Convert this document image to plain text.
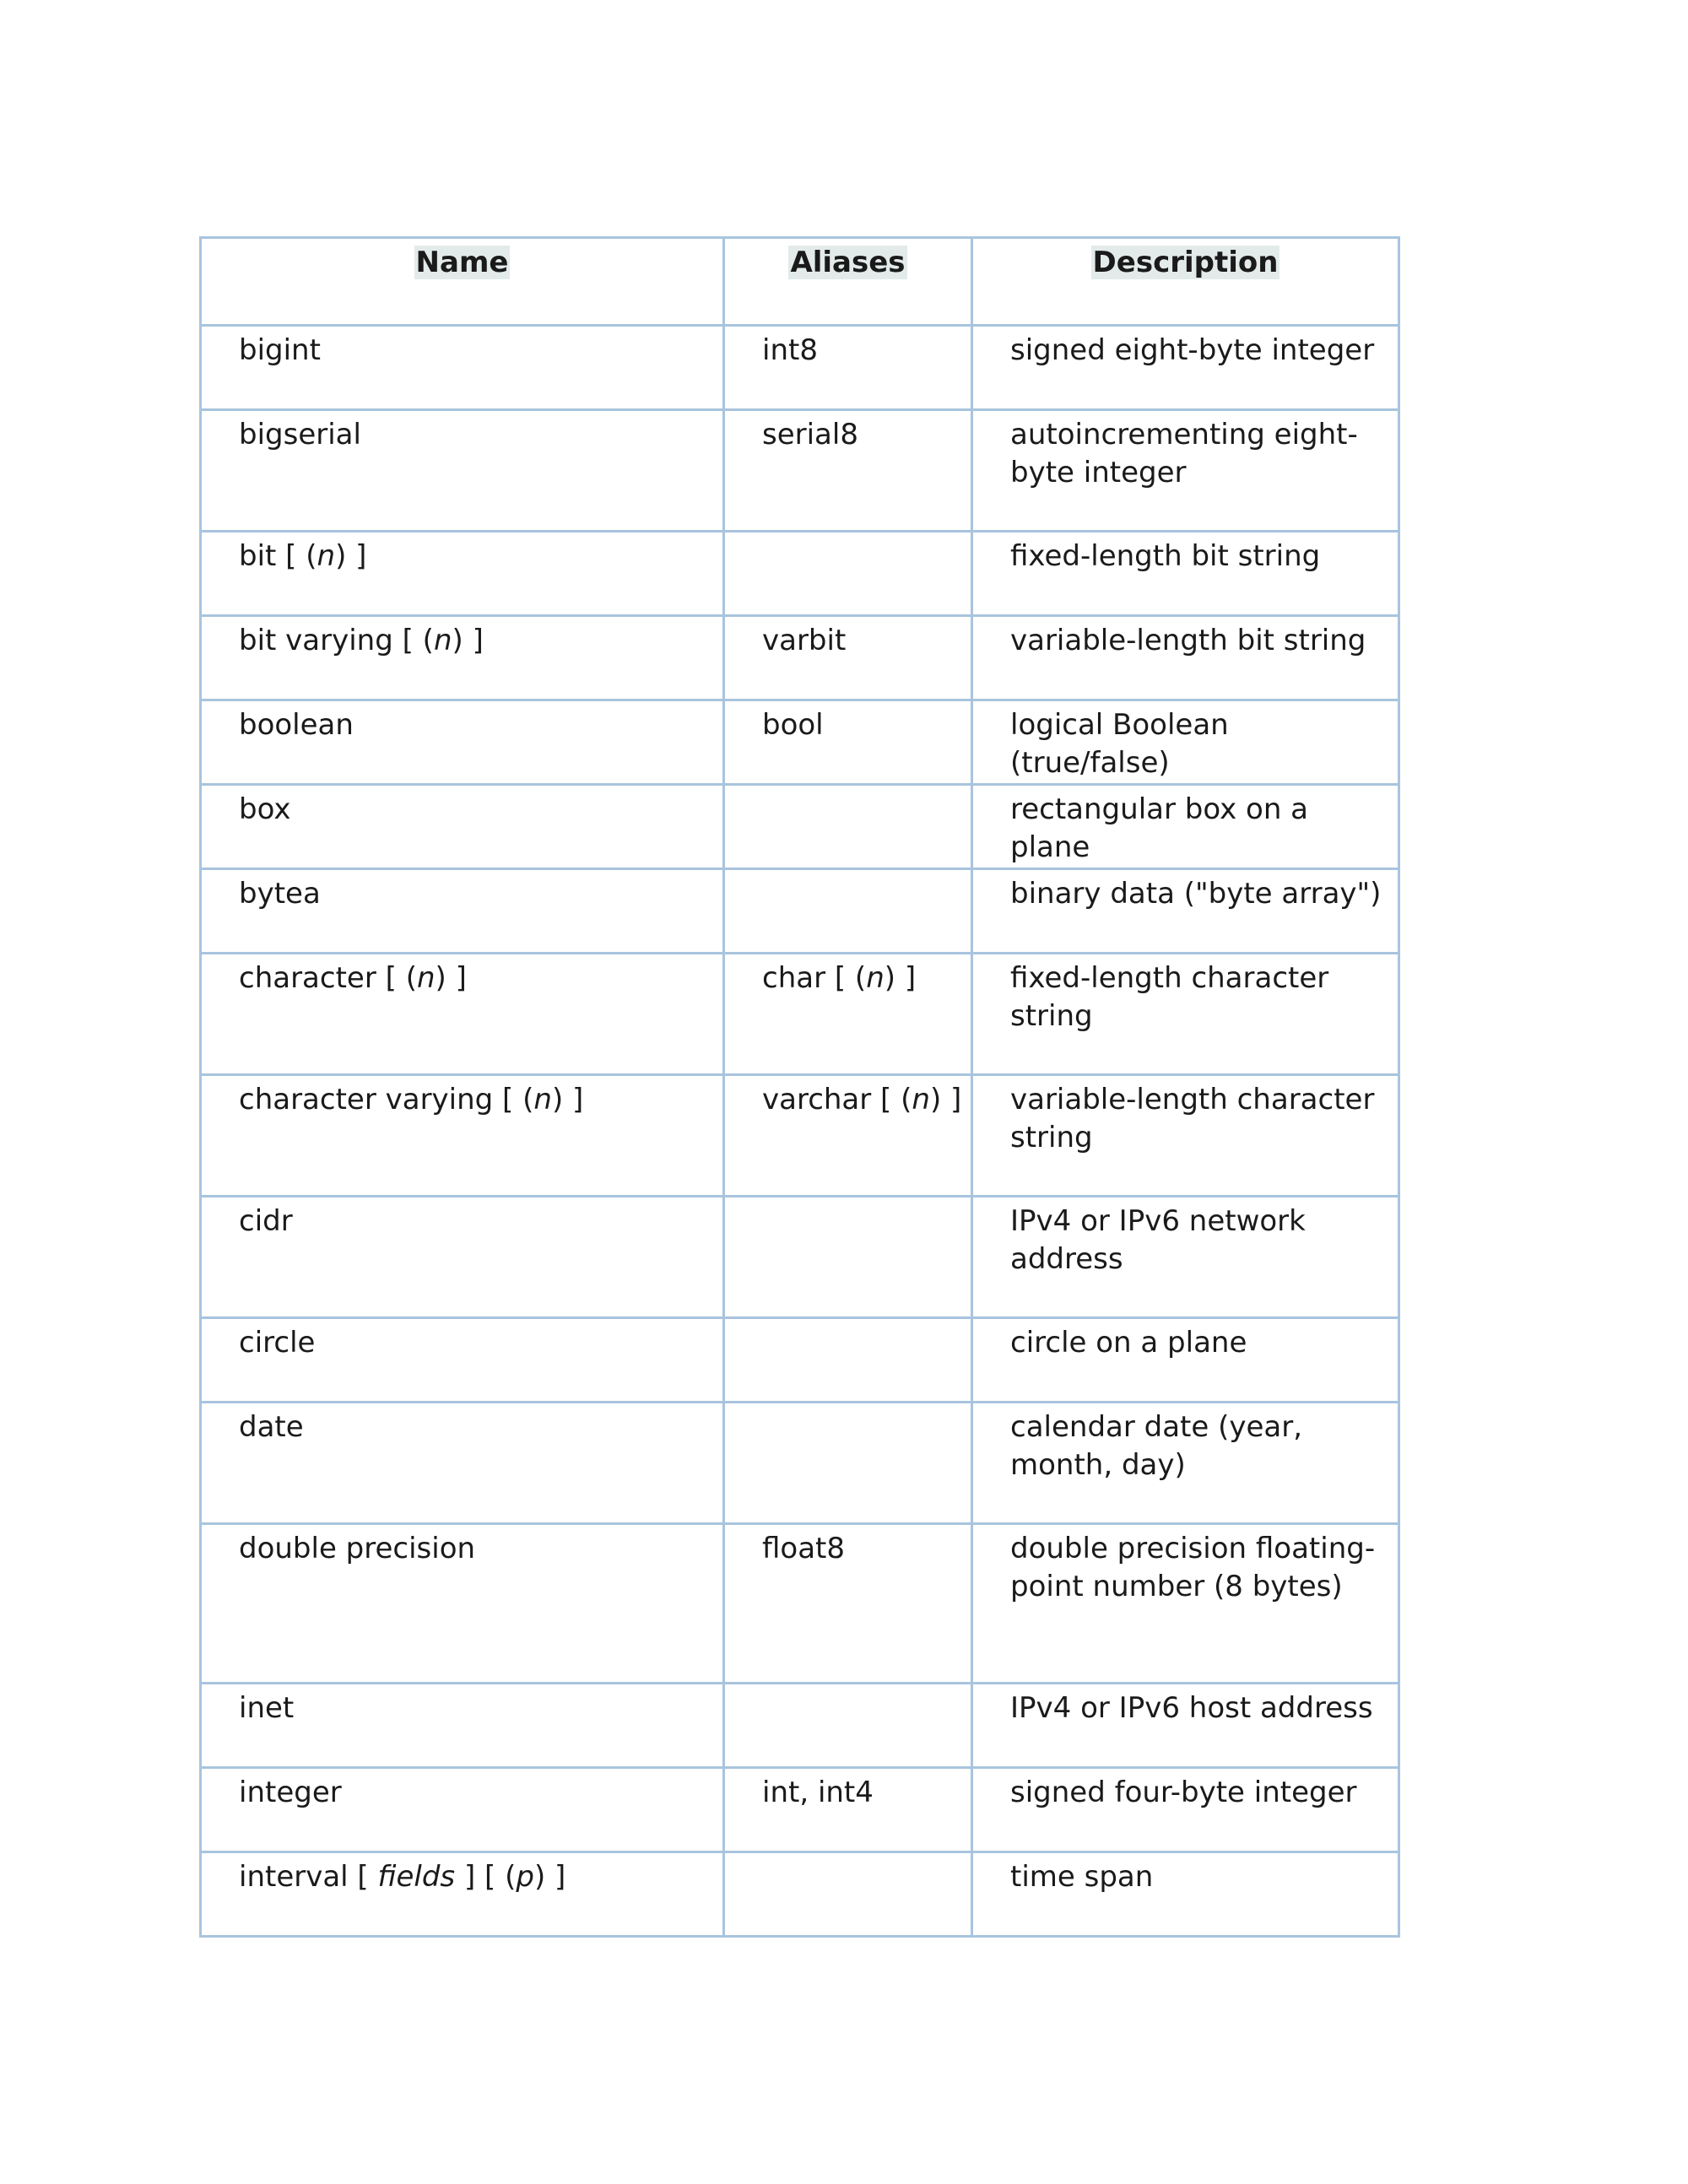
Name	Aliases	Description
bigint	int8	signed eight-byte integer
bigserial	serial8	autoincrementing eight-byte integer
bit [ (n) ]		fixed-length bit string
bit varying [ (n) ]	varbit	variable-length bit string
boolean	bool	logical Boolean (true/false)
box		rectangular box on a plane
bytea		binary data ("byte array")
character [ (n) ]	char [ (n) ]	fixed-length character string
character varying [ (n) ]	varchar [ (n) ]	variable-length character string
cidr		IPv4 or IPv6 network address
circle		circle on a plane
date		calendar date (year, month, day)
double precision	float8	double precision floating-point number (8 bytes)
inet		IPv4 or IPv6 host address
integer	int, int4	signed four-byte integer
interval [ fields ] [ (p) ]		time span
